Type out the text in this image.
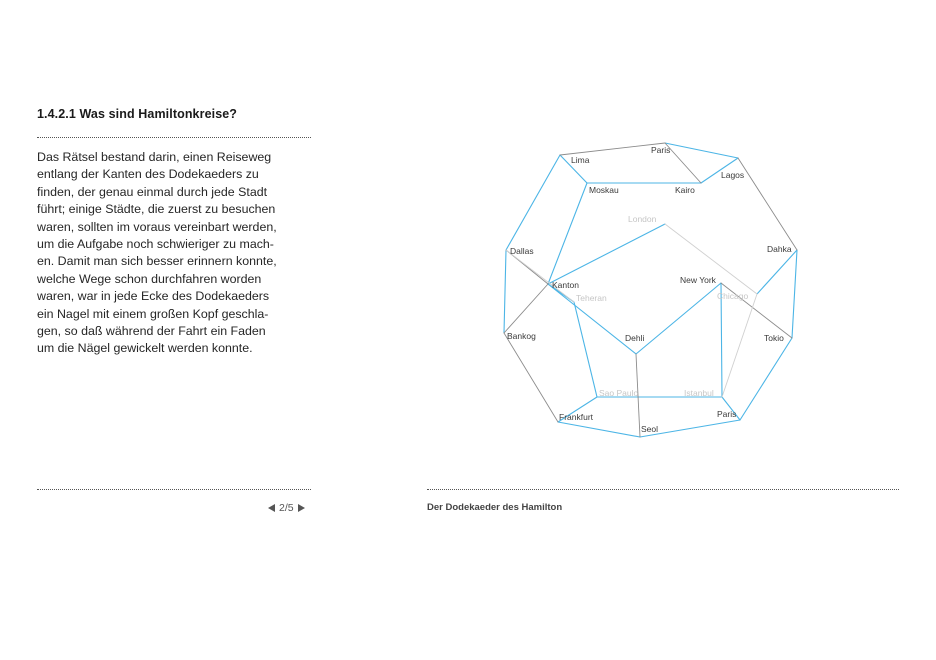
1.4.2.1 Was sind Hamiltonkreise?
Das Rätsel bestand darin, einen Reiseweg
entlang der Kanten des Dodekaeders zu
finden, der genau einmal durch jede Stadt
führt; einige Städte, die zuerst zu besuchen
waren, sollten im voraus vereinbart werden,
um die Aufgabe noch schwieriger zu mach-
en. Damit man sich besser erinnern konnte,
welche Wege schon durchfahren worden
waren, war in jede Ecke des Dodekaeders
ein Nagel mit einem großen Kopf geschla-
gen, so daß während der Fahrt ein Faden
um die Nägel gewickelt werden konnte.
2/5	Der Dodekaeder des Hamilton
Paris
Lima
Lagos
Moskau	Kairo
London
Dallas	Dahka
New York
Kanton
Teheran	Chicago
Bankog	Dehli	Tokio
Sao Paulo	Istanbul
Frankfurt	Paris
Seol
